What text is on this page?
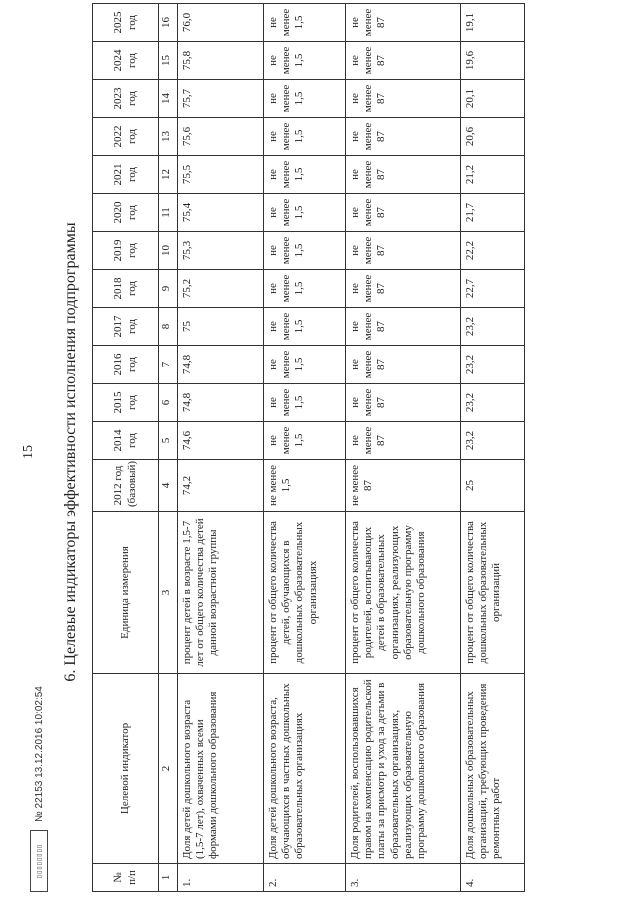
15
▯▯▯▯▯▯▯▯
№ 22153 13.12.2016 10:02:54
6. Целевые индикаторы эффективности исполнения подпрограммы
№ п/п	Целевой индикатор	Единица измерения	2012 год (базовый)	2014 год	2015 год	2016 год	2017 год	2018 год	2019 год	2020 год	2021 год	2022 год	2023 год	2024 год	2025 год
1	2	3	4	5	6	7	8	9	10	11	12	13	14	15	16
1.	Доля детей дошкольного возраста (1,5-7 лет), охваченных всеми формами дошкольного образования	процент детей в возрасте 1,5-7 лет от общего количества детей данной возрастной группы	74,2	74,6	74,8	74,8	75	75,2	75,3	75,4	75,5	75,6	75,7	75,8	76,0
2.	Доля детей дошкольного возраста, обучающихся в частных дошкольных образовательных организациях	процент от общего количества детей, обучающихся в дошкольных образовательных организациях	не менее 1,5	не менее 1,5	не менее 1,5	не менее 1,5	не менее 1,5	не менее 1,5	не менее 1,5	не менее 1,5	не менее 1,5	не менее 1,5	не менее 1,5	не менее 1,5	не менее 1,5
3.	Доля родителей, воспользовавшихся правом на компенсацию родительской платы за присмотр и уход за детьми в образовательных организациях, реализующих образовательную программу дошкольного образования	процент от общего количества родителей, воспитывающих детей в образовательных организациях, реализующих образовательную программу дошкольного образования	не менее 87	не менее 87	не менее 87	не менее 87	не менее 87	не менее 87	не менее 87	не менее 87	не менее 87	не менее 87	не менее 87	не менее 87	не менее 87
4.	Доля дошкольных образовательных организаций, требующих проведения ремонтных работ	процент от общего количества дошкольных образовательных организаций	25	23,2	23,2	23,2	23,2	22,7	22,2	21,7	21,2	20,6	20,1	19,6	19,1
